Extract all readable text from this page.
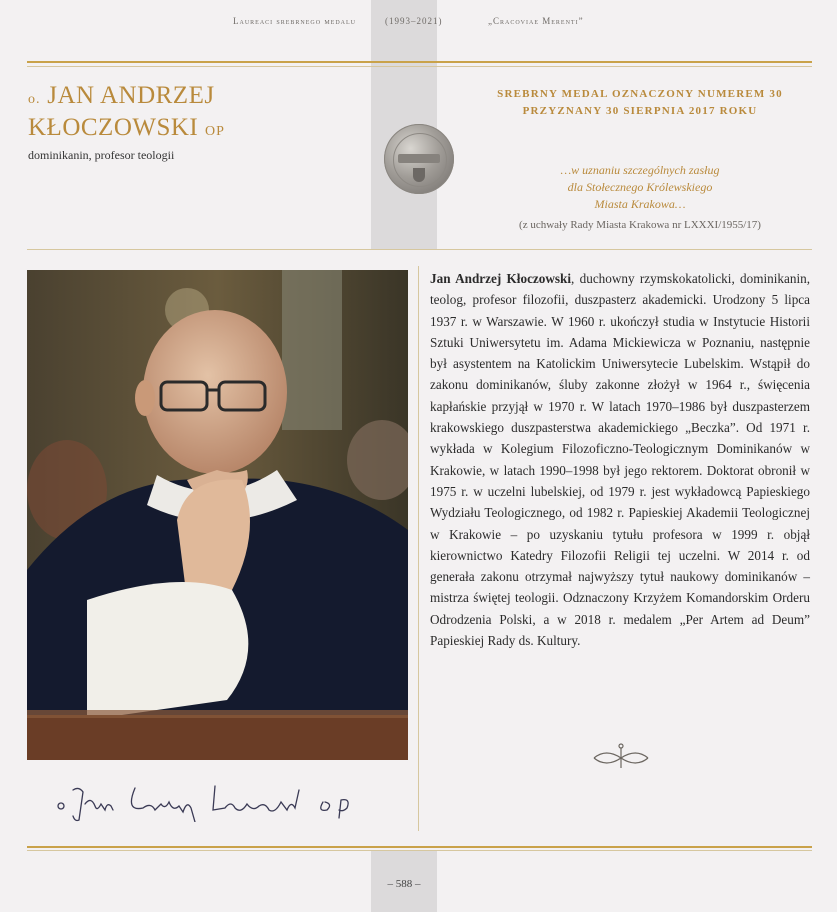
Laureaci srebrnego medalu	(1993–2021)	„Cracoviae Merenti”
o. JAN ANDRZEJ
KŁOCZOWSKI OP
dominikanin, profesor teologii
SREBRNY MEDAL OZNACZONY NUMEREM 30
PRZYZNANY 30 SIERPNIA 2017 ROKU
…w uznaniu szczególnych zasług
dla Stołecznego Królewskiego
Miasta Krakowa…
(z uchwały Rady Miasta Krakowa nr LXXXI/1955/17)
Jan Andrzej Kłoczowski, duchowny rzymskokatolicki, dominikanin, teolog, profesor filozofii, duszpasterz akademicki. Urodzony 5 lipca 1937 r. w Warszawie. W 1960 r. ukończył studia w Instytucie Historii Sztuki Uniwersytetu im. Adama Mickiewicza w Poznaniu, następnie był asystentem na Katolickim Uniwersytecie Lubelskim. Wstąpił do zakonu dominikanów, śluby zakonne złożył w 1964 r., święcenia kapłańskie przyjął w 1970 r. W latach 1970–1986 był duszpasterzem krakowskiego duszpasterstwa akademickiego „Beczka”. Od 1971 r. wykłada w Kolegium Filozoficzno-Teologicznym Dominikanów w Krakowie, w latach 1990–1998 był jego rektorem. Doktorat obronił w 1975 r. w uczelni lubelskiej, od 1979 r. jest wykładowcą Papieskiego Wydziału Teologicznego, od 1982 r. Papieskiej Akademii Teologicznej w Krakowie – po uzyskaniu tytułu profesora w 1999 r. objął kierownictwo Katedry Filozofii Religii tej uczelni. W 2014 r. od generała zakonu otrzymał najwyższy tytuł naukowy dominikanów – mistrza świętej teologii. Odznaczony Krzyżem Komandorskim Orderu Odrodzenia Polski, a w 2018 r. medalem „Per Artem ad Deum” Papieskiej Rady ds. Kultury.
– 588 –
